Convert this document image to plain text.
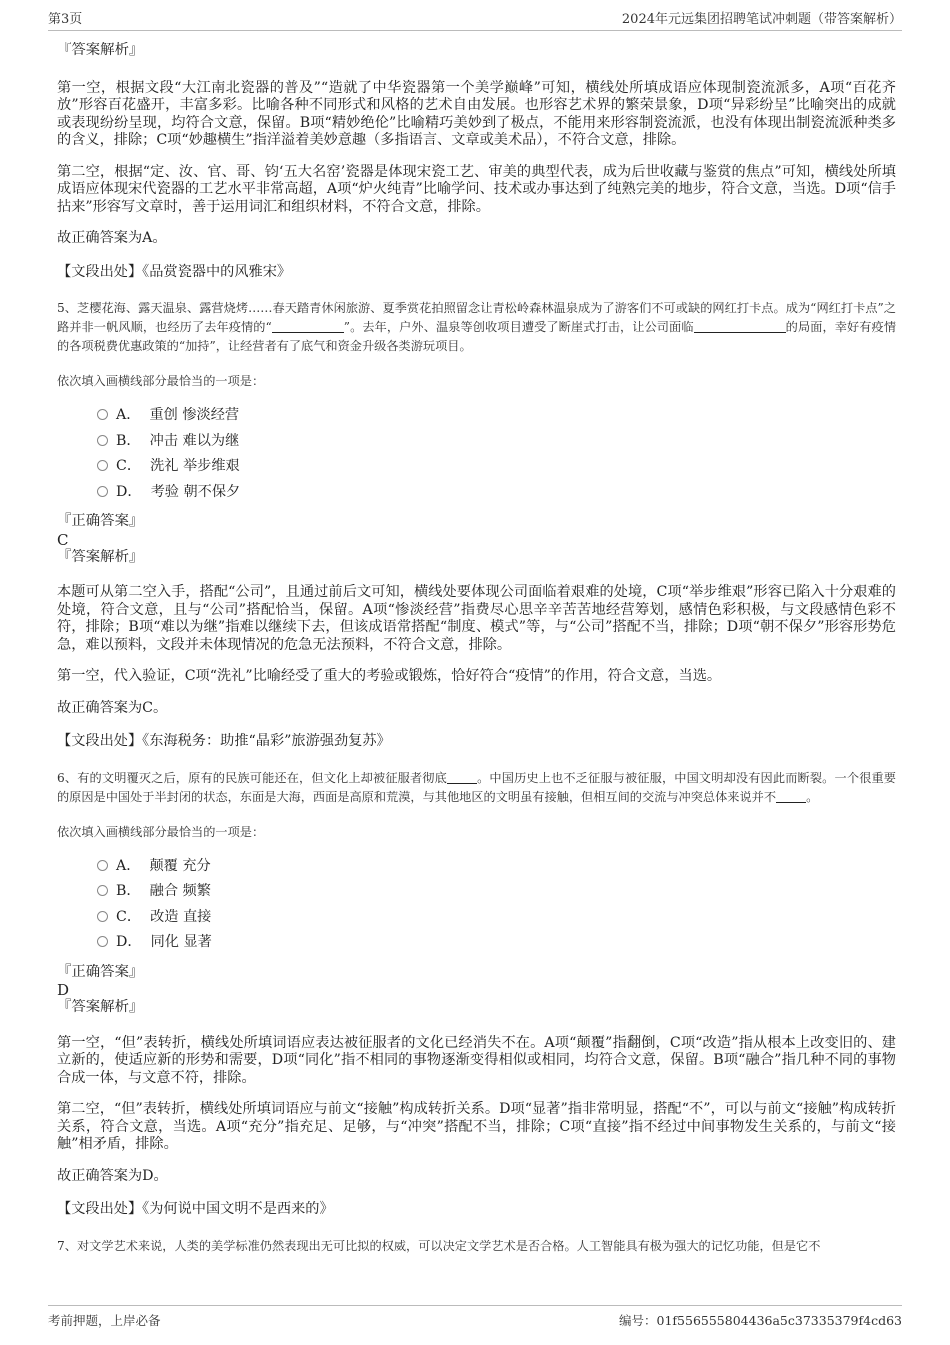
第3页	2024年元远集团招聘笔试冲刺题（带答案解析）

『答案解析』

第一空，根据文段“大江南北瓷器的普及”“造就了中华瓷器第一个美学巅峰”可知，横线处所填成语应体现制瓷流派多，A项“百花齐放”形容百花盛开，丰富多彩。比喻各种不同形式和风格的艺术自由发展。也形容艺术界的繁荣景象，D项“异彩纷呈”比喻突出的成就或表现纷纷呈现，均符合文意，保留。B项“精妙绝伦”比喻精巧美妙到了极点，不能用来形容制瓷流派，也没有体现出制瓷流派种类多的含义，排除；C项“妙趣横生”指洋溢着美妙意趣（多指语言、文章或美术品），不符合文意，排除。

第二空，根据“定、汝、官、哥、钧‘五大名窑’瓷器是体现宋瓷工艺、审美的典型代表，成为后世收藏与鉴赏的焦点”可知，横线处所填成语应体现宋代瓷器的工艺水平非常高超，A项“炉火纯青”比喻学问、技术或办事达到了纯熟完美的地步，符合文意，当选。D项“信手拈来”形容写文章时，善于运用词汇和组织材料，不符合文意，排除。

故正确答案为A。

【文段出处】《品赏瓷器中的风雅宋》

5、芝樱花海、露天温泉、露营烧烤……春天踏青休闲旅游、夏季赏花拍照留念让青松岭森林温泉成为了游客们不可或缺的网红打卡点。成为“网红打卡点”之路并非一帆风顺，也经历了去年疫情的“	”。去年，户外、温泉等创收项目遭受了断崖式打击，让公司面临	的局面，幸好有疫情的各项税费优惠政策的“加持”，让经营者有了底气和资金升级各类游玩项目。

依次填入画横线部分最恰当的一项是：

A． 重创 惨淡经营
B． 冲击 难以为继
C． 洗礼 举步维艰
D． 考验 朝不保夕

『正确答案』

C

『答案解析』

本题可从第二空入手，搭配“公司”，且通过前后文可知，横线处要体现公司面临着艰难的处境，C项“举步维艰”形容已陷入十分艰难的处境，符合文意，且与“公司”搭配恰当，保留。A项“惨淡经营”指费尽心思辛辛苦苦地经营筹划，感情色彩积极，与文段感情色彩不符，排除；B项“难以为继”指难以继续下去，但该成语常搭配“制度、模式”等，与“公司”搭配不当，排除；D项“朝不保夕”形容形势危急，难以预料，文段并未体现情况的危急无法预料，不符合文意，排除。

第一空，代入验证，C项“洗礼”比喻经受了重大的考验或锻炼，恰好符合“疫情”的作用，符合文意，当选。

故正确答案为C。

【文段出处】《东海税务：助推“晶彩”旅游强劲复苏》

6、有的文明覆灭之后，原有的民族可能还在，但文化上却被征服者彻底 。中国历史上也不乏征服与被征服，中国文明却没有因此而断裂。一个很重要的原因是中国处于半封闭的状态，东面是大海，西面是高原和荒漠，与其他地区的文明虽有接触，但相互间的交流与冲突总体来说并不 。

依次填入画横线部分最恰当的一项是：

A． 颠覆 充分
B． 融合 频繁
C． 改造 直接
D． 同化 显著

『正确答案』

D

『答案解析』

第一空，“但”表转折，横线处所填词语应表达被征服者的文化已经消失不在。A项“颠覆”指翻倒，C项“改造”指从根本上改变旧的、建立新的，使适应新的形势和需要，D项“同化”指不相同的事物逐渐变得相似或相同，均符合文意，保留。B项“融合”指几种不同的事物合成一体，与文意不符，排除。

第二空，“但”表转折，横线处所填词语应与前文“接触”构成转折关系。D项“显著”指非常明显，搭配“不”，可以与前文“接触”构成转折关系，符合文意，当选。A项“充分”指充足、足够，与“冲突”搭配不当，排除；C项“直接”指不经过中间事物发生关系的，与前文“接触”相矛盾，排除。

故正确答案为D。

【文段出处】《为何说中国文明不是西来的》

7、对文学艺术来说，人类的美学标准仍然表现出无可比拟的权威，可以决定文学艺术是否合格。人工智能具有极为强大的记忆功能，但是它不

考前押题，上岸必备	编号：01f556555804436a5c37335379f4cd63
